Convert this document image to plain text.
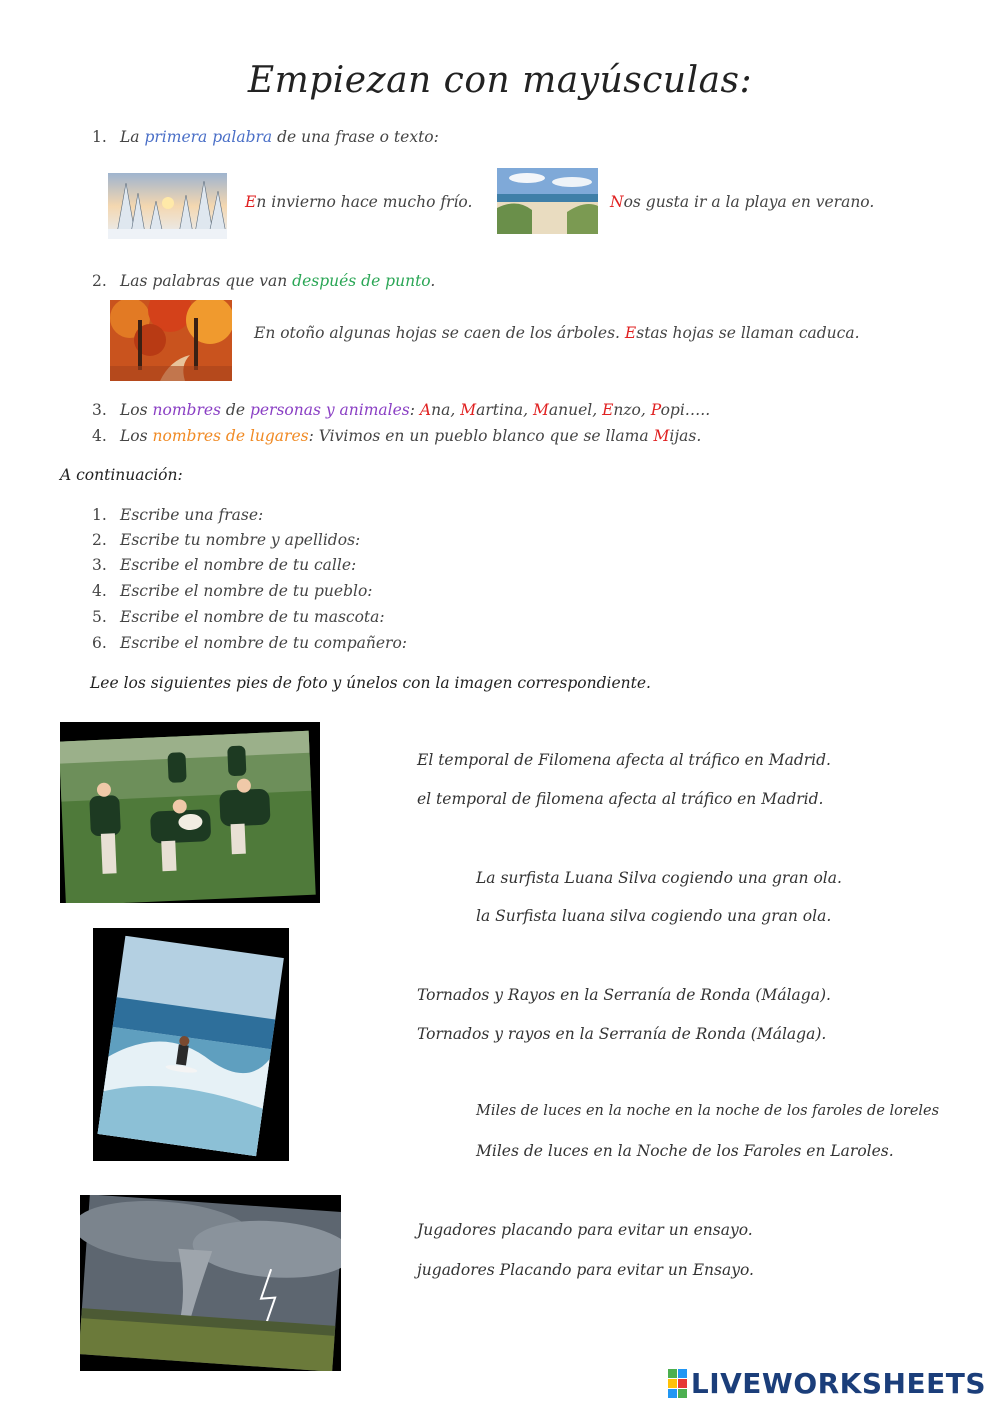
Empiezan con mayúsculas:
1. La primera palabra de una frase o texto:
En invierno hace mucho frío.	Nos gusta ir a la playa en verano.
2. Las palabras que van después de punto.
En otoño algunas hojas se caen de los árboles. Estas hojas se llaman caduca.
3. Los nombres de personas y animales: Ana, Martina, Manuel, Enzo, Popi…..
4. Los nombres de lugares: Vivimos en un pueblo blanco que se llama Mijas.
A continuación:
1. Escribe una frase:
2. Escribe tu nombre y apellidos:
3. Escribe el nombre de tu calle:
4. Escribe el nombre de tu pueblo:
5. Escribe el nombre de tu mascota:
6. Escribe el nombre de tu compañero:
Lee los siguientes pies de foto y únelos con la imagen correspondiente.
El temporal de Filomena afecta al tráfico en Madrid.
el temporal de filomena afecta al tráfico en Madrid.
La surfista Luana Silva cogiendo una gran ola.
la Surfista luana silva cogiendo una gran ola.
Tornados y Rayos en la Serranía de Ronda (Málaga).
Tornados y rayos en la Serranía de Ronda (Málaga).
Miles de luces en la noche en la noche de los faroles de loreles
Miles de luces en la Noche de los Faroles en Laroles.
Jugadores placando para evitar un ensayo.
jugadores Placando para evitar un Ensayo.
LIVEWORKSHEETS
